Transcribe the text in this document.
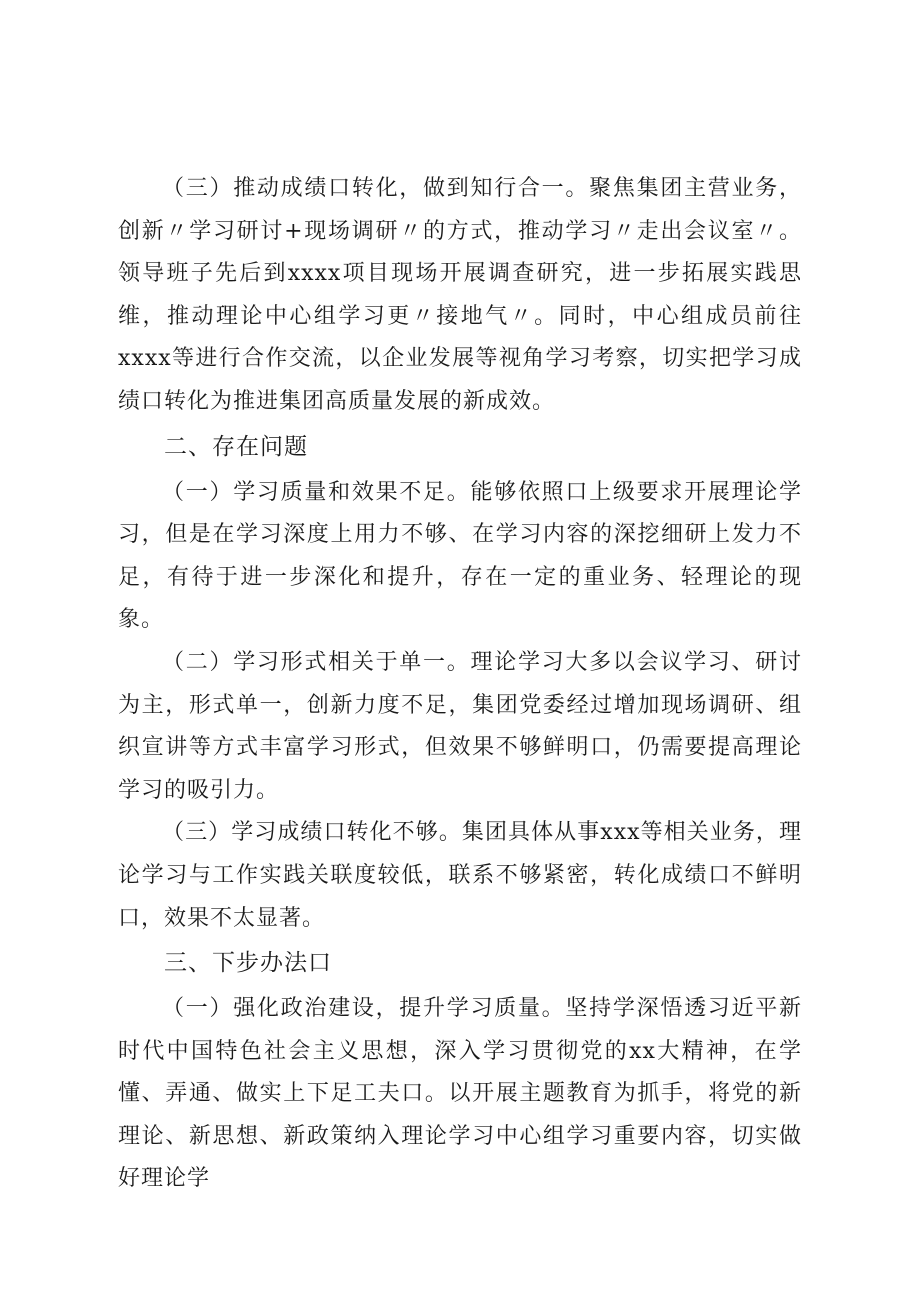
（三）推动成绩口转化，做到知行合一。聚焦集团主营业务，创新〃学习研讨+现场调研〃的方式，推动学习〃走出会议室〃。领导班子先后到xxxx项目现场开展调查研究，进一步拓展实践思维，推动理论中心组学习更〃接地气〃。同时，中心组成员前往xxxx等进行合作交流，以企业发展等视角学习考察，切实把学习成绩口转化为推进集团高质量发展的新成效。

二、存在问题

（一）学习质量和效果不足。能够依照口上级要求开展理论学习，但是在学习深度上用力不够、在学习内容的深挖细研上发力不足，有待于进一步深化和提升，存在一定的重业务、轻理论的现象。

（二）学习形式相关于单一。理论学习大多以会议学习、研讨为主，形式单一，创新力度不足，集团党委经过增加现场调研、组织宣讲等方式丰富学习形式，但效果不够鲜明口，仍需要提高理论学习的吸引力。

（三）学习成绩口转化不够。集团具体从事xxx等相关业务，理论学习与工作实践关联度较低，联系不够紧密，转化成绩口不鲜明口，效果不太显著。

三、下步办法口

（一）强化政治建设，提升学习质量。坚持学深悟透习近平新时代中国特色社会主义思想，深入学习贯彻党的xx大精神，在学懂、弄通、做实上下足工夫口。以开展主题教育为抓手，将党的新理论、新思想、新政策纳入理论学习中心组学习重要内容，切实做好理论学
